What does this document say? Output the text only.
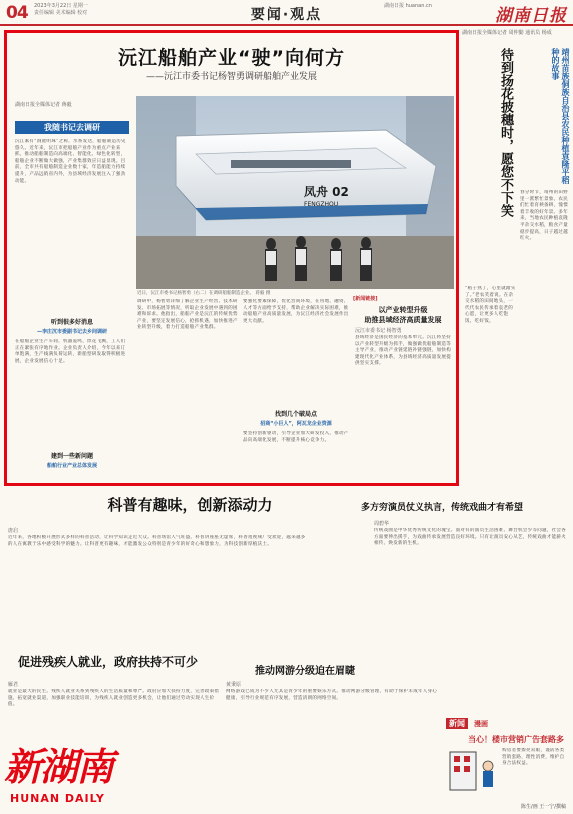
04 2023年3月22日 星期一
责任编辑 美术编辑 校对	要闻·观点
湖南日报 huanan.cn	湖南日报
沅江船舶产业“驶”向何方
——沅江市委书记杨智勇调研船舶产业发展
湖南日报全媒体记者 蒋毅
我随书记去调研
沅江素有“洞庭明珠”之称，水系发达，船舶制造历史悠久。近年来，沅江市把船舶产业作为重点产业来抓，推动船舶制造向高端化、智能化、绿色化转型，船舶企业不断做大做强，产业集群效应日益显现。目前，全市共有船舶制造企业数十家，年造船能力持续提升，产品远销省内外，为县域经济发展注入了强劲动能。
听到很多好消息
—李庄沉市委副书记去乡间调研
在船舶企业生产车间，机器轰鸣，焊花飞溅，工人们正在紧张有序地作业。企业负责人介绍，今年以来订单饱满，生产线满负荷运转，新船型研发取得积极进展，企业发展信心十足。
建到一些新问题
船舶行业产业总体发展
凤舟 02
FENGZHOU
近日，沅江市委书记杨智勇（右二）在调研船舶制造企业。 蒋毅 摄
调研中，杨智勇详细了解企业生产经营、技术研发、市场拓展等情况，听取企业发展中遇到的困难和诉求。他指出，船舶产业是沅江的传统优势产业，要坚定发展信心，抢抓机遇，加快推进产业转型升级，着力打造船舶产业集群。
找到几个破局点
招商“小巨人”，阿瓦龙企业资源
要强化要素保障，优化营商环境，在用地、融资、人才等方面给予支持，帮助企业解决实际困难，推动船舶产业高质量发展，为沅江经济社会发展作出更大贡献。
要坚持创新驱动，引导企业加大研发投入，推动产品向高端化发展，不断提升核心竞争力。
[新闻链接]
以产业转型升级
助推县域经济高质量发展
沅江市委书记 杨智勇
县域经济是国民经济的基本单元。沅江将坚持以产业转型升级为抓手，做强做优船舶制造等主导产业，推动产业链延链补链强链，加快构建现代化产业体系，为县域经济高质量发展提供坚实支撑。
湖南日报全媒体记者 周仲勤 通讯员 杨成
待到扬花披穗时，愿您不下笑	靖州苗族侗族自治县农民种植袁隆平稻种的故事
春分时节，靖州的田野里一派繁忙景象。农民们忙着育秧备耕，憧憬着丰收的好年景。多年来，当地农民种植袁隆平杂交水稻，粮食产量稳步提高，日子越过越红火。
“稻子熟了，心里就踏实了。”老农笑着说。在杂交水稻的田间地头，一代代农民传承着袁老的心愿，让更多人吃饱饭、吃好饭。
科普有趣味，创新添动力	多方穷演员仗义执言，传统戏曲才有希望
唐启
近年来，各地积极开展形式多样的科普活动，让科学知识走近大众。科普场馆人气旺盛，科普讲座座无虚席，科普短视频广受欢迎，越来越多的人在寓教于乐中感受科学的魅力。让科普更有趣味，才能激发公众特别是青少年的好奇心和想象力，为科技创新厚植沃土。
周碧华
传统戏曲是中华优秀传统文化的瑰宝。面对有的演员生活困难、舞台机会少等问题，社会各方面要伸出援手，为戏曲传承发展营造良好环境。只有让演员安心从艺，传统戏曲才能薪火相传、焕发新的生机。
促进残疾人就业，政府扶持不可少
推动网游分级迫在眉睫
雁君
就业是最大的民生。残疾人就业关系到残疾人的生活质量和尊严。政府应加大扶持力度，完善政策措施，拓宽就业渠道，加强职业技能培训，为残疾人就业创造更多机会，让他们通过劳动实现人生价值。
黄秉原
网络游戏已成为不少人尤其是青少年的重要娱乐方式。推动网游分级管理，有助于保护未成年人身心健康，引导行业规范有序发展，营造清朗的网络空间。
新闻	漫画
当心！楼市营销广告套路多
购房者要擦亮双眼，谨防各类营销套路，理性消费，维护自身合法权益。
陈生/画 王一宁/撰稿
新湖南
HUNAN DAILY
